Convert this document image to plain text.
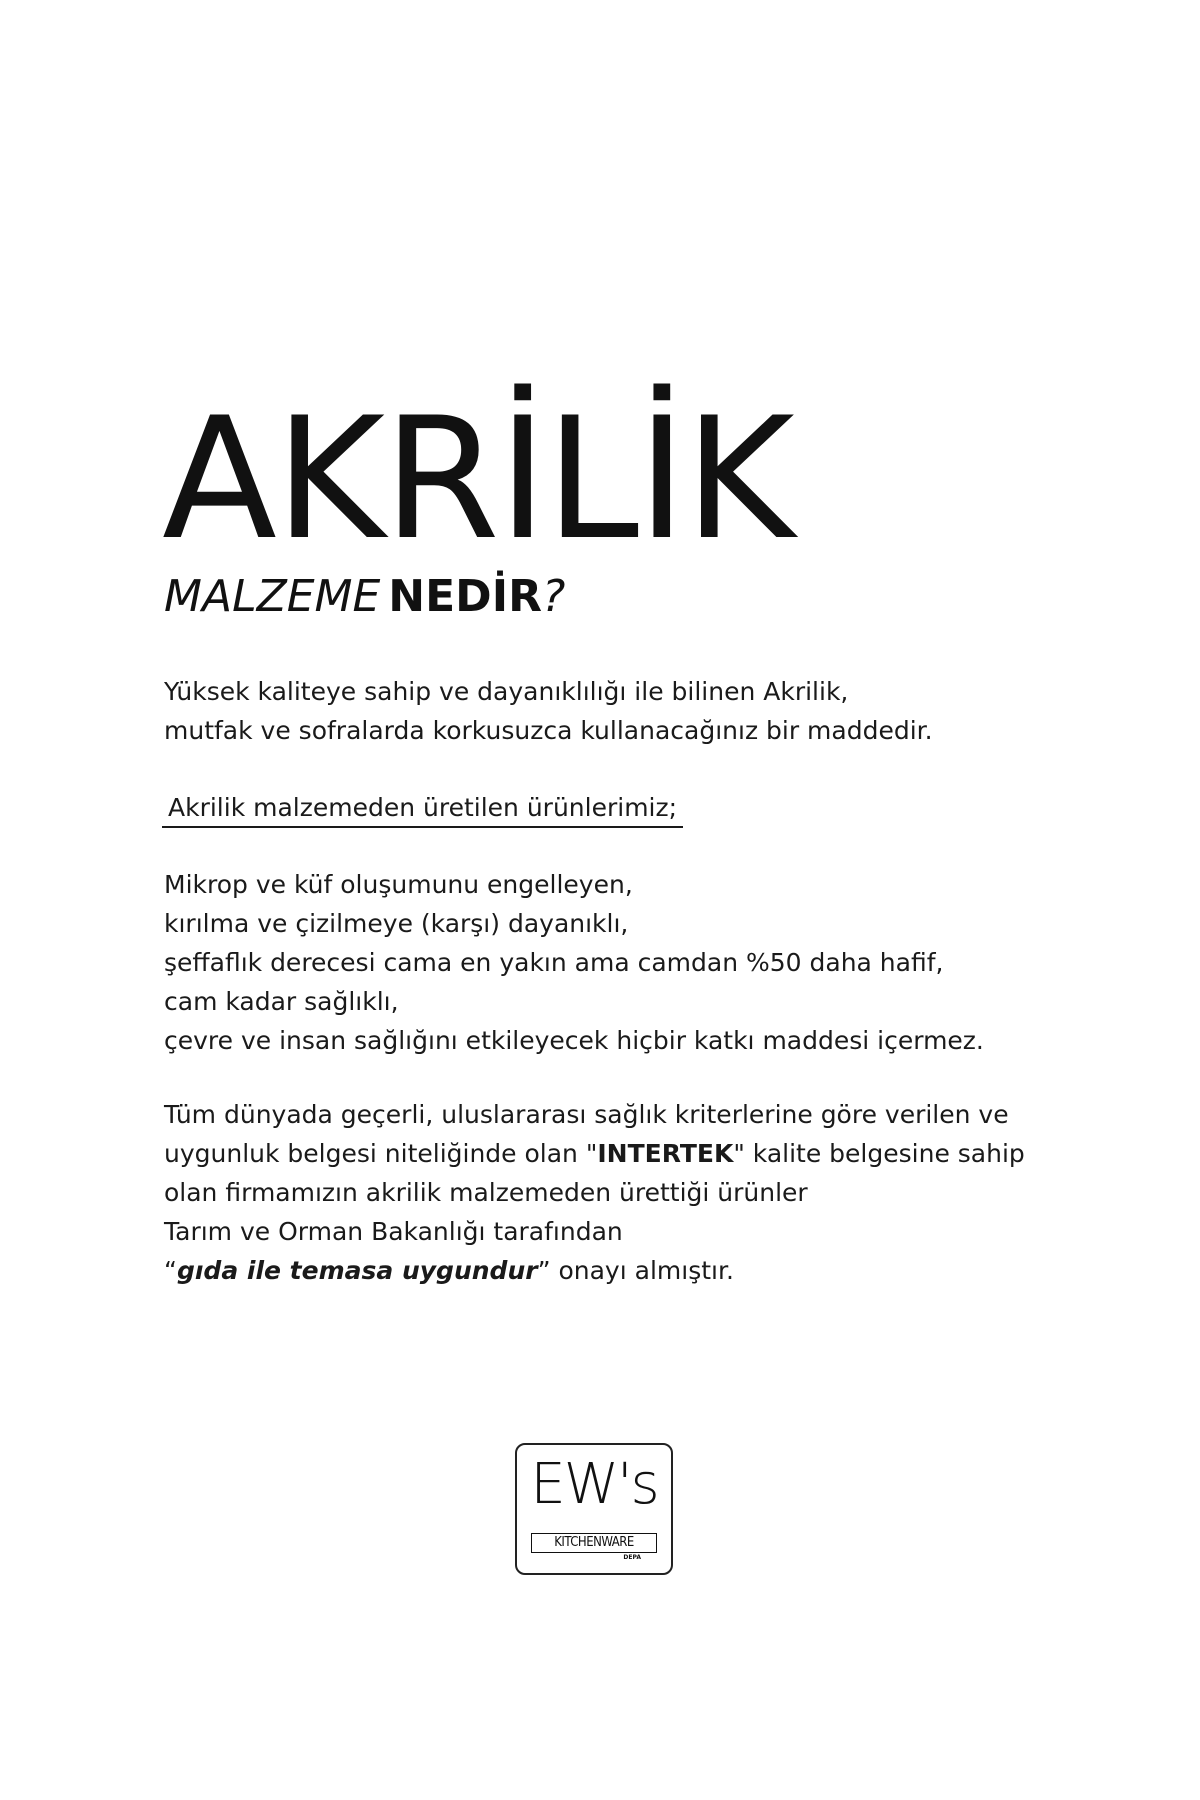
AKRİLİK
MALZEME NEDİR?
Yüksek kaliteye sahip ve dayanıklılığı ile bilinen Akrilik,
mutfak ve sofralarda korkusuzca kullanacağınız bir maddedir.
Akrilik malzemeden üretilen ürünlerimiz;
Mikrop ve küf oluşumunu engelleyen,
kırılma ve çizilmeye (karşı) dayanıklı,
şeffaflık derecesi cama en yakın ama camdan %50 daha hafif,
cam kadar sağlıklı,
çevre ve insan sağlığını etkileyecek hiçbir katkı maddesi içermez.
Tüm dünyada geçerli, uluslararası sağlık kriterlerine göre verilen ve
uygunluk belgesi niteliğinde olan "INTERTEK" kalite belgesine sahip
olan firmamızın akrilik malzemeden ürettiği ürünler
Tarım ve Orman Bakanlığı tarafından
“gıda ile temasa uygundur” onayı almıştır.
EW's
KITCHENWARE
DEPA
